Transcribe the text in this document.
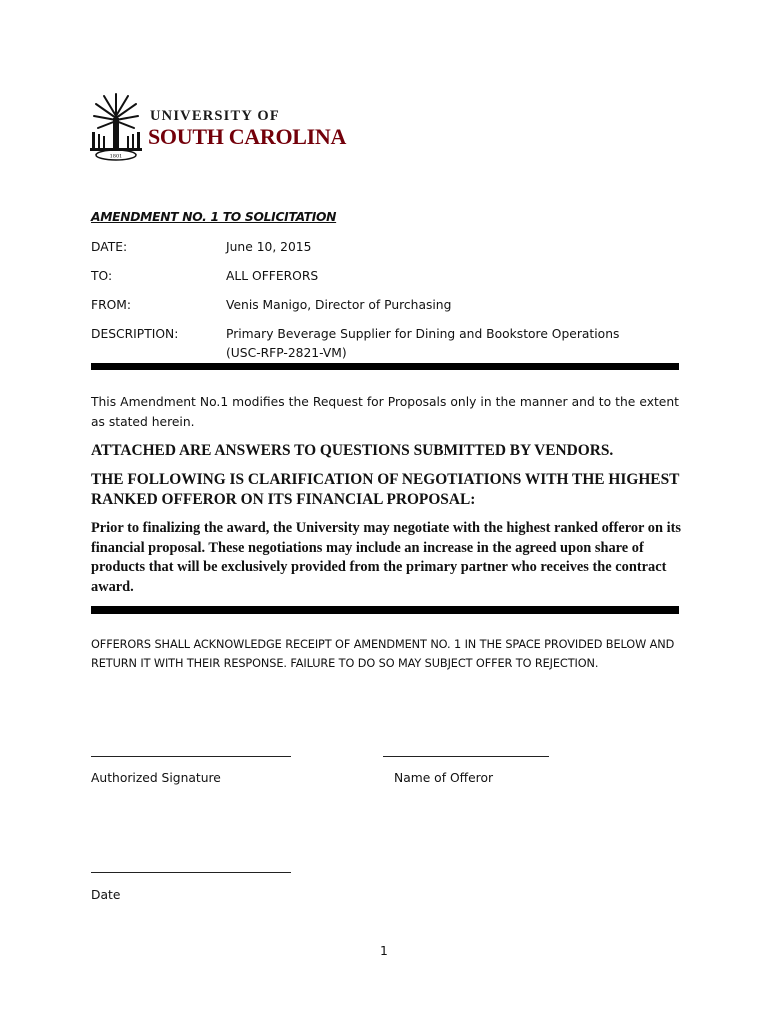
1801
UNIVERSITY OF
SOUTH CAROLINA
AMENDMENT NO. 1 TO SOLICITATION
DATE:	June 10, 2015
TO:	ALL OFFERORS
FROM:	Venis Manigo, Director of Purchasing
DESCRIPTION:	Primary Beverage Supplier for Dining and Bookstore Operations
(USC-RFP-2821-VM)
This Amendment No.1 modifies the Request for Proposals only in the manner and to the extent as stated herein.
ATTACHED ARE ANSWERS TO QUESTIONS SUBMITTED BY VENDORS.
THE FOLLOWING IS CLARIFICATION OF NEGOTIATIONS WITH THE HIGHEST RANKED OFFEROR ON ITS FINANCIAL PROPOSAL:
Prior to finalizing the award, the University may negotiate with the highest ranked offeror on its financial proposal. These negotiations may include an increase in the agreed upon share of products that will be exclusively provided from the primary partner who receives the contract award.
OFFERORS SHALL ACKNOWLEDGE RECEIPT OF AMENDMENT NO. 1 IN THE SPACE PROVIDED BELOW AND RETURN IT WITH THEIR RESPONSE. FAILURE TO DO SO MAY SUBJECT OFFER TO REJECTION.
Authorized Signature	Name of Offeror
Date
1
